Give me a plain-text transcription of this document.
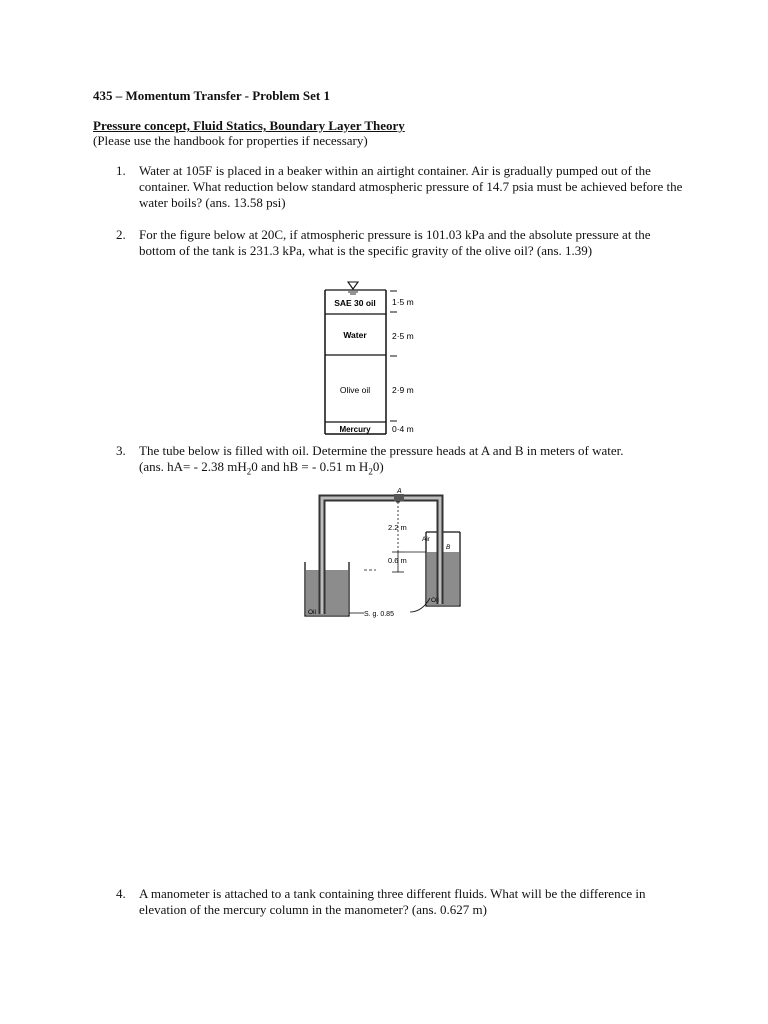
435 – Momentum Transfer - Problem Set 1
Pressure concept, Fluid Statics, Boundary Layer Theory
(Please use the handbook for properties if necessary)
1. Water at 105F is placed in a beaker within an airtight container. Air is gradually pumped out of the container. What reduction below standard atmospheric pressure of 14.7 psia must be achieved before the water boils? (ans. 13.58 psi)
2. For the figure below at 20C, if atmospheric pressure is 101.03 kPa and the absolute pressure at the bottom of the tank is 231.3 kPa, what is the specific gravity of the olive oil? (ans. 1.39)
SAE 30 oil
Water
Olive oil
Mercury
1·5 m
2·5 m
2·9 m
0·4 m
3. The tube below is filled with oil. Determine the pressure heads at A and B in meters of water.
(ans. hA= - 2.38 $mH_20$ and hB = - 0.51 m $H_20$)
A
2.2 m
0.6 m
Air
B
Oil
Oil	S. g. 0.85
4. A manometer is attached to a tank containing three different fluids. What will be the difference in elevation of the mercury column in the manometer? (ans. 0.627 m)
